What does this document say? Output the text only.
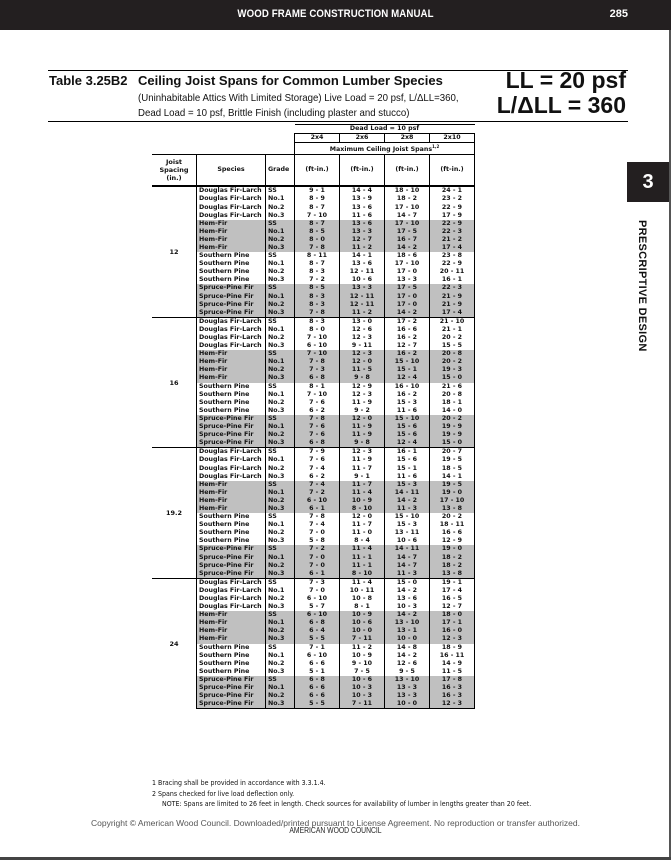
WOOD FRAME CONSTRUCTION MANUAL	285
Table 3.25B2 Ceiling Joist Spans for Common Lumber Species
(Uninhabitable Attics With Limited Storage) Live Load = 20 psf, L/ΔLL=360,
Dead Load = 10 psf, Brittle Finish (including plaster and stucco)
LL = 20 psf
L/ΔLL = 360
3
PRESCRIPTIVE DESIGN
			Dead Load = 10 psf			
			2x4	2x6	2x8	2x10
			Maximum Ceiling Joist Spans$^{1,2}$
Joist Spacing (in.)	Species	Grade	(ft-in.)	(ft-in.)	(ft-in.)	(ft-in.)
12	Douglas Fir-Larch	SS	9 - 1	14 - 4	18 - 10	24 - 1
	Douglas Fir-Larch	No.1	8 - 9	13 - 9	18 - 2	23 - 2
	Douglas Fir-Larch	No.2	8 - 7	13 - 6	17 - 10	22 - 9
	Douglas Fir-Larch	No.3	7 - 10	11 - 6	14 - 7	17 - 9
	Hem-Fir	SS	8 - 7	13 - 6	17 - 10	22 - 9
	Hem-Fir	No.1	8 - 5	13 - 3	17 - 5	22 - 3
	Hem-Fir	No.2	8 - 0	12 - 7	16 - 7	21 - 2
	Hem-Fir	No.3	7 - 8	11 - 2	14 - 2	17 - 4
	Southern Pine	SS	8 - 11	14 - 1	18 - 6	23 - 8
	Southern Pine	No.1	8 - 7	13 - 6	17 - 10	22 - 9
	Southern Pine	No.2	8 - 3	12 - 11	17 - 0	20 - 11
	Southern Pine	No.3	7 - 2	10 - 6	13 - 3	16 - 1
	Spruce-Pine Fir	SS	8 - 5	13 - 3	17 - 5	22 - 3
	Spruce-Pine Fir	No.1	8 - 3	12 - 11	17 - 0	21 - 9
	Spruce-Pine Fir	No.2	8 - 3	12 - 11	17 - 0	21 - 9
	Spruce-Pine Fir	No.3	7 - 8	11 - 2	14 - 2	17 - 4
16	Douglas Fir-Larch	SS	8 - 3	13 - 0	17 - 2	21 - 10
	Douglas Fir-Larch	No.1	8 - 0	12 - 6	16 - 6	21 - 1
	Douglas Fir-Larch	No.2	7 - 10	12 - 3	16 - 2	20 - 2
	Douglas Fir-Larch	No.3	6 - 10	9 - 11	12 - 7	15 - 5
	Hem-Fir	SS	7 - 10	12 - 3	16 - 2	20 - 8
	Hem-Fir	No.1	7 - 8	12 - 0	15 - 10	20 - 2
	Hem-Fir	No.2	7 - 3	11 - 5	15 - 1	19 - 3
	Hem-Fir	No.3	6 - 8	9 - 8	12 - 4	15 - 0
	Southern Pine	SS	8 - 1	12 - 9	16 - 10	21 - 6
	Southern Pine	No.1	7 - 10	12 - 3	16 - 2	20 - 8
	Southern Pine	No.2	7 - 6	11 - 9	15 - 3	18 - 1
	Southern Pine	No.3	6 - 2	9 - 2	11 - 6	14 - 0
	Spruce-Pine Fir	SS	7 - 8	12 - 0	15 - 10	20 - 2
	Spruce-Pine Fir	No.1	7 - 6	11 - 9	15 - 6	19 - 9
	Spruce-Pine Fir	No.2	7 - 6	11 - 9	15 - 6	19 - 9
	Spruce-Pine Fir	No.3	6 - 8	9 - 8	12 - 4	15 - 0
19.2	Douglas Fir-Larch	SS	7 - 9	12 - 3	16 - 1	20 - 7
	Douglas Fir-Larch	No.1	7 - 6	11 - 9	15 - 6	19 - 5
	Douglas Fir-Larch	No.2	7 - 4	11 - 7	15 - 1	18 - 5
	Douglas Fir-Larch	No.3	6 - 2	9 - 1	11 - 6	14 - 1
	Hem-Fir	SS	7 - 4	11 - 7	15 - 3	19 - 5
	Hem-Fir	No.1	7 - 2	11 - 4	14 - 11	19 - 0
	Hem-Fir	No.2	6 - 10	10 - 9	14 - 2	17 - 10
	Hem-Fir	No.3	6 - 1	8 - 10	11 - 3	13 - 8
	Southern Pine	SS	7 - 8	12 - 0	15 - 10	20 - 2
	Southern Pine	No.1	7 - 4	11 - 7	15 - 3	18 - 11
	Southern Pine	No.2	7 - 0	11 - 0	13 - 11	16 - 6
	Southern Pine	No.3	5 - 8	8 - 4	10 - 6	12 - 9
	Spruce-Pine Fir	SS	7 - 2	11 - 4	14 - 11	19 - 0
	Spruce-Pine Fir	No.1	7 - 0	11 - 1	14 - 7	18 - 2
	Spruce-Pine Fir	No.2	7 - 0	11 - 1	14 - 7	18 - 2
	Spruce-Pine Fir	No.3	6 - 1	8 - 10	11 - 3	13 - 8
24	Douglas Fir-Larch	SS	7 - 3	11 - 4	15 - 0	19 - 1
	Douglas Fir-Larch	No.1	7 - 0	10 - 11	14 - 2	17 - 4
	Douglas Fir-Larch	No.2	6 - 10	10 - 8	13 - 6	16 - 5
	Douglas Fir-Larch	No.3	5 - 7	8 - 1	10 - 3	12 - 7
	Hem-Fir	SS	6 - 10	10 - 9	14 - 2	18 - 0
	Hem-Fir	No.1	6 - 8	10 - 6	13 - 10	17 - 1
	Hem-Fir	No.2	6 - 4	10 - 0	13 - 1	16 - 0
	Hem-Fir	No.3	5 - 5	7 - 11	10 - 0	12 - 3
	Southern Pine	SS	7 - 1	11 - 2	14 - 8	18 - 9
	Southern Pine	No.1	6 - 10	10 - 9	14 - 2	16 - 11
	Southern Pine	No.2	6 - 6	9 - 10	12 - 6	14 - 9
	Southern Pine	No.3	5 - 1	7 - 5	9 - 5	11 - 5
	Spruce-Pine Fir	SS	6 - 8	10 - 6	13 - 10	17 - 8
	Spruce-Pine Fir	No.1	6 - 6	10 - 3	13 - 3	16 - 3
	Spruce-Pine Fir	No.2	6 - 6	10 - 3	13 - 3	16 - 3
	Spruce-Pine Fir	No.3	5 - 5	7 - 11	10 - 0	12 - 3
1 Bracing shall be provided in accordance with 3.3.1.4.
2 Spans checked for live load deflection only.
NOTE: Spans are limited to 26 feet in length. Check sources for availability of lumber in lengths greater than 20 feet.
Copyright © American Wood Council. Downloaded/printed pursuant to License Agreement. No reproduction or transfer authorized.
AMERICAN WOOD COUNCIL
